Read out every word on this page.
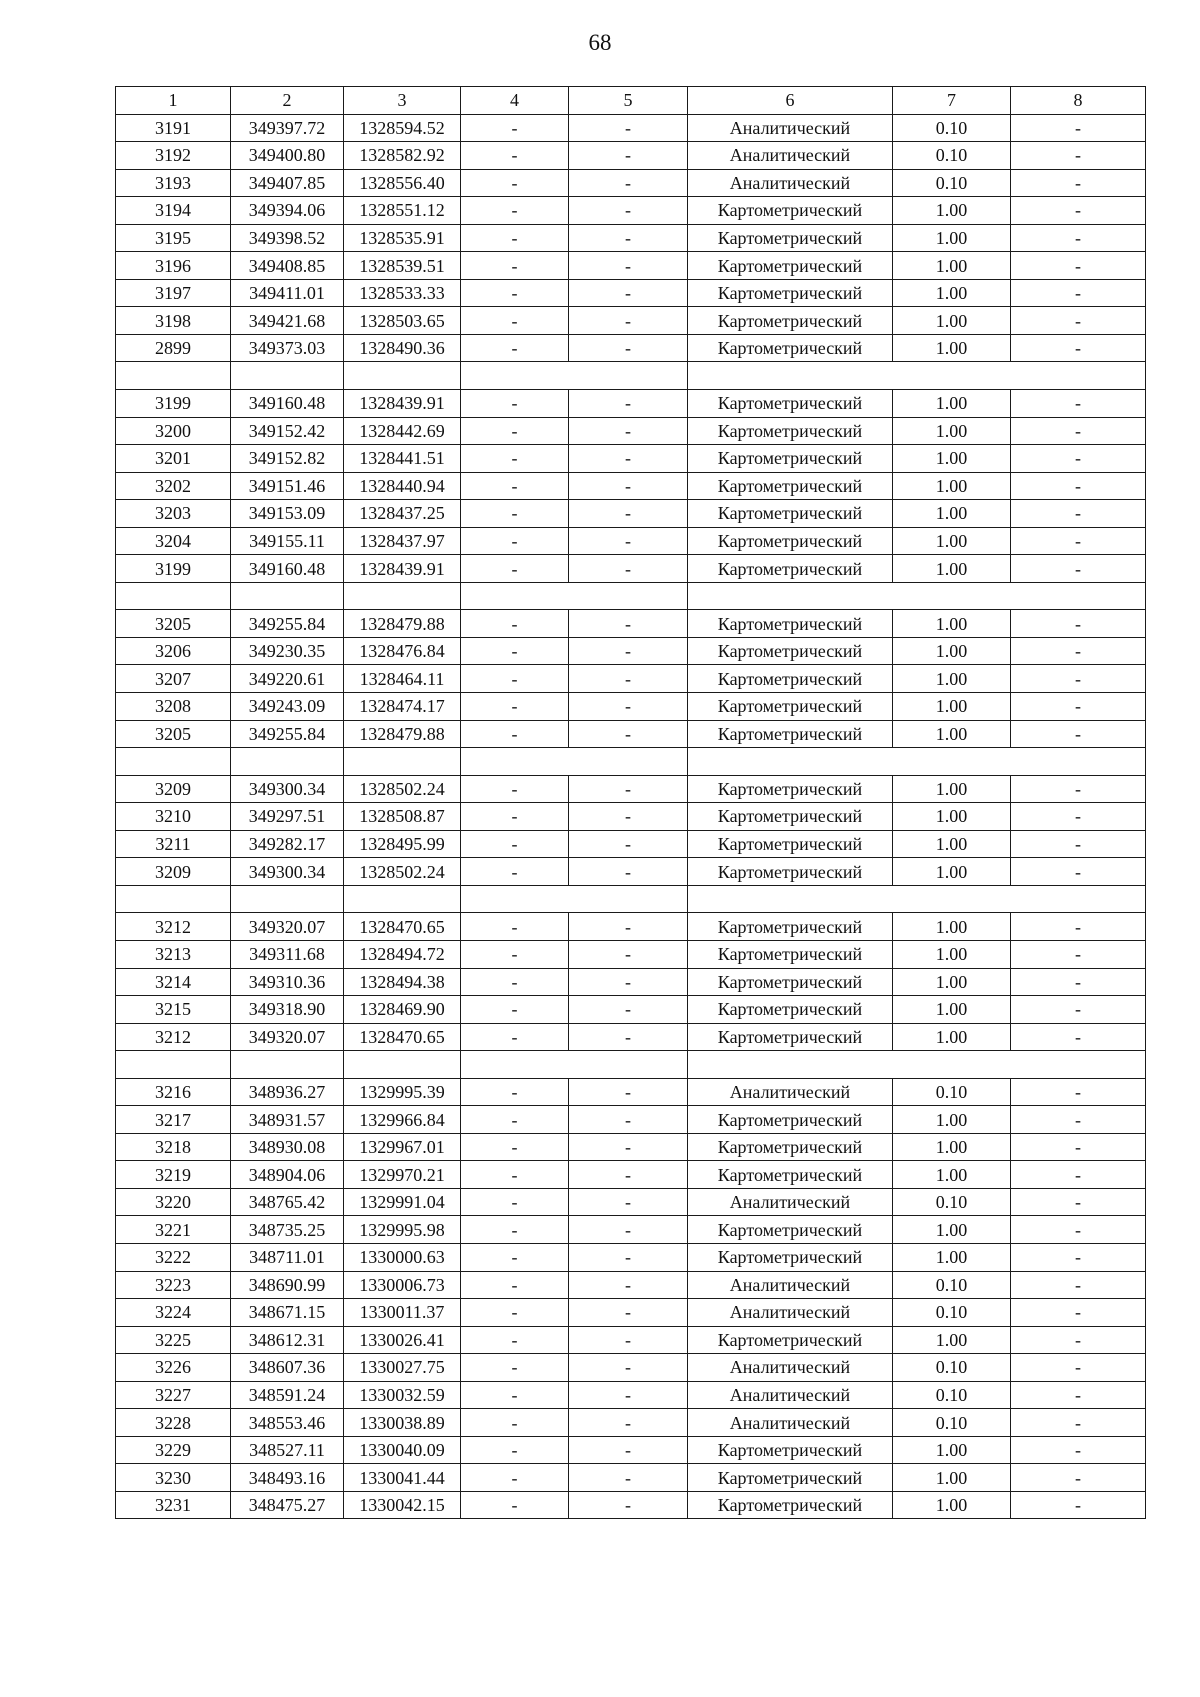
68
1	2	3	4	5	6	7	8
3191	349397.72	1328594.52	-	-	Аналитический	0.10	-
3192	349400.80	1328582.92	-	-	Аналитический	0.10	-
3193	349407.85	1328556.40	-	-	Аналитический	0.10	-
3194	349394.06	1328551.12	-	-	Картометрический	1.00	-
3195	349398.52	1328535.91	-	-	Картометрический	1.00	-
3196	349408.85	1328539.51	-	-	Картометрический	1.00	-
3197	349411.01	1328533.33	-	-	Картометрический	1.00	-
3198	349421.68	1328503.65	-	-	Картометрический	1.00	-
2899	349373.03	1328490.36	-	-	Картометрический	1.00	-

3199	349160.48	1328439.91	-	-	Картометрический	1.00	-
3200	349152.42	1328442.69	-	-	Картометрический	1.00	-
3201	349152.82	1328441.51	-	-	Картометрический	1.00	-
3202	349151.46	1328440.94	-	-	Картометрический	1.00	-
3203	349153.09	1328437.25	-	-	Картометрический	1.00	-
3204	349155.11	1328437.97	-	-	Картометрический	1.00	-
3199	349160.48	1328439.91	-	-	Картометрический	1.00	-

3205	349255.84	1328479.88	-	-	Картометрический	1.00	-
3206	349230.35	1328476.84	-	-	Картометрический	1.00	-
3207	349220.61	1328464.11	-	-	Картометрический	1.00	-
3208	349243.09	1328474.17	-	-	Картометрический	1.00	-
3205	349255.84	1328479.88	-	-	Картометрический	1.00	-

3209	349300.34	1328502.24	-	-	Картометрический	1.00	-
3210	349297.51	1328508.87	-	-	Картометрический	1.00	-
3211	349282.17	1328495.99	-	-	Картометрический	1.00	-
3209	349300.34	1328502.24	-	-	Картометрический	1.00	-

3212	349320.07	1328470.65	-	-	Картометрический	1.00	-
3213	349311.68	1328494.72	-	-	Картометрический	1.00	-
3214	349310.36	1328494.38	-	-	Картометрический	1.00	-
3215	349318.90	1328469.90	-	-	Картометрический	1.00	-
3212	349320.07	1328470.65	-	-	Картометрический	1.00	-

3216	348936.27	1329995.39	-	-	Аналитический	0.10	-
3217	348931.57	1329966.84	-	-	Картометрический	1.00	-
3218	348930.08	1329967.01	-	-	Картометрический	1.00	-
3219	348904.06	1329970.21	-	-	Картометрический	1.00	-
3220	348765.42	1329991.04	-	-	Аналитический	0.10	-
3221	348735.25	1329995.98	-	-	Картометрический	1.00	-
3222	348711.01	1330000.63	-	-	Картометрический	1.00	-
3223	348690.99	1330006.73	-	-	Аналитический	0.10	-
3224	348671.15	1330011.37	-	-	Аналитический	0.10	-
3225	348612.31	1330026.41	-	-	Картометрический	1.00	-
3226	348607.36	1330027.75	-	-	Аналитический	0.10	-
3227	348591.24	1330032.59	-	-	Аналитический	0.10	-
3228	348553.46	1330038.89	-	-	Аналитический	0.10	-
3229	348527.11	1330040.09	-	-	Картометрический	1.00	-
3230	348493.16	1330041.44	-	-	Картометрический	1.00	-
3231	348475.27	1330042.15	-	-	Картометрический	1.00	-
